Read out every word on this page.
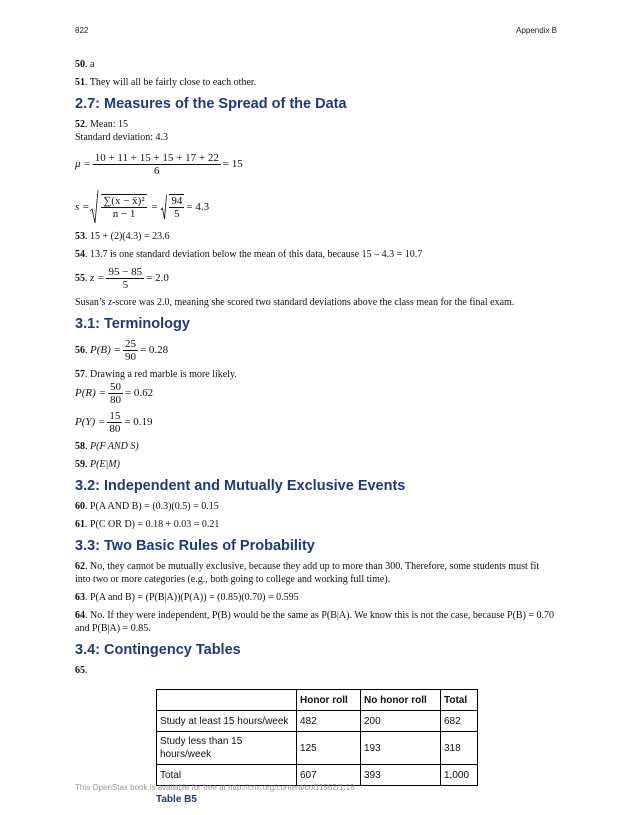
822	Appendix B

50. a

51. They will all be fairly close to each other.

2.7: Measures of the Spread of the Data

52. Mean: 15

Standard deviation: 4.3

$\mu = \frac{10 + 11 + 15 + 15 + 17 + 22}{6} = 15$
$s = \frac{\text{∑(x − x̄)²}}{n - 1} = \frac{94}{5} = 4.3$

53. 15 + (2)(4.3) = 23.6

54. 13.7 is one standard deviation below the mean of this data, because 15 – 4.3 = 10.7

55 . $z = \frac{95 - 85}{5} = 2.0$

Susan’s z-score was 2.0, meaning she scored two standard deviations above the class mean for the final exam.

3.1: Terminology
56 . $P(B) = \frac{25}{90} = 0.28$

57. Drawing a red marble is more likely.

$P(R) = \frac{50}{80} = 0.62$
$P(Y) = \frac{15}{80} = 0.19$

58. P(F AND S)

59. P(E|M)

3.2: Independent and Mutually Exclusive Events

60. P(A AND B) = (0.3)(0.5) = 0.15

61. P(C OR D) = 0.18 + 0.03 = 0.21

3.3: Two Basic Rules of Probability

62. No, they cannot be mutually exclusive, because they add up to more than 300. Therefore, some students must fit into two or more categories (e.g., both going to college and working full time).

63. P(A and B) = (P(B|A))(P(A)) = (0.85)(0.70) = 0.595

64. No. If they were independent, P(B) would be the same as P(B|A). We know this is not the case, because P(B) = 0.70 and P(B|A) = 0.85.

3.4: Contingency Tables

65.

	Honor roll	No honor roll	Total
Study at least 15 hours/week	482	200	682
Study less than 15 hours/week	125	193	318
Total	607	393	1,000
Table B5
This OpenStax book is available for free at http://cnx.org/content/col11562/1.18
